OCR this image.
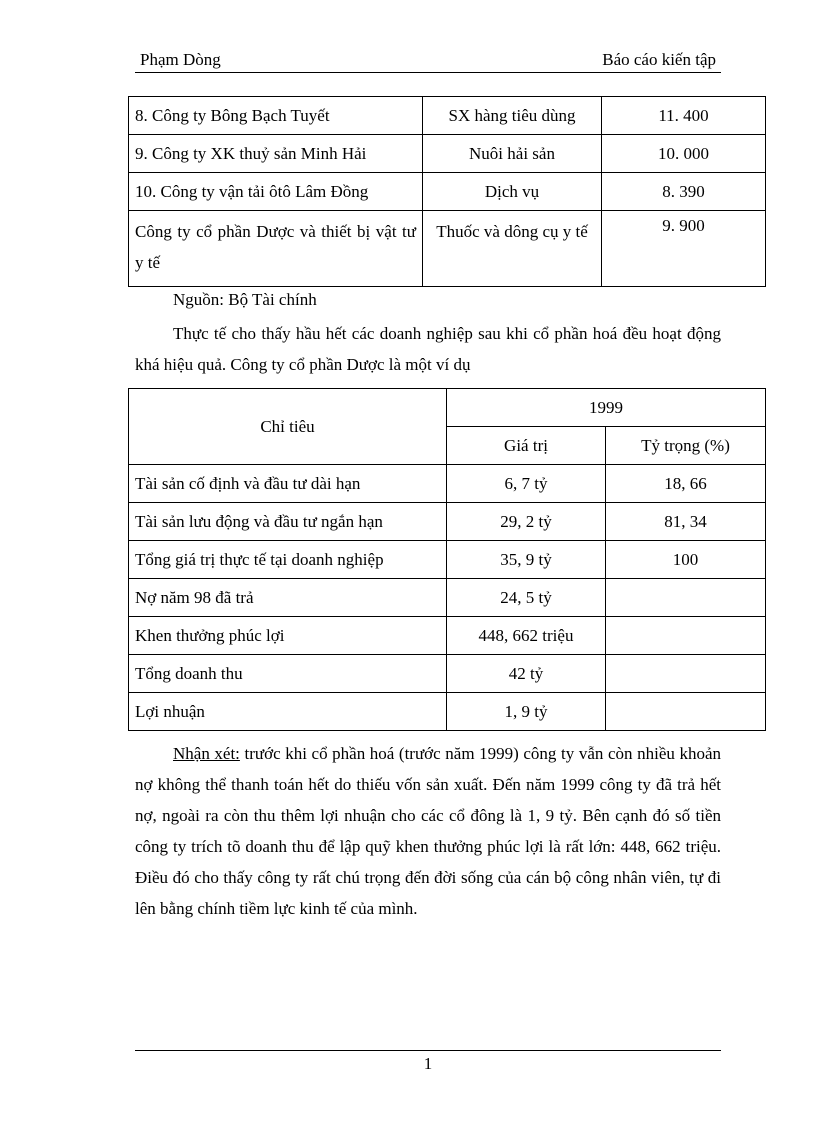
Phạm Dòng	Báo cáo kiến tập
8. Công ty Bông Bạch Tuyết	SX hàng tiêu dùng	11. 400
9. Công ty XK thuỷ sản Minh Hải	Nuôi hải sản	10. 000
10. Công ty vận tải ôtô Lâm Đồng	Dịch vụ	8. 390
Công ty cổ phần Dược và thiết bị vật tư y tế	Thuốc và dông cụ y tế	9. 900
Nguồn: Bộ Tài chính
Thực tế cho thấy hầu hết các doanh nghiệp sau khi cổ phần hoá đều hoạt động khá hiệu quả. Công ty cổ phần Dược là một ví dụ
Chỉ tiêu	1999	
	Giá trị	Tỷ trọng (%)
Tài sản cố định và đầu tư dài hạn	6, 7 tỷ	18, 66
Tài sản lưu động và đầu tư ngắn hạn	29, 2 tỷ	81, 34
Tổng giá trị thực tế tại doanh nghiệp	35, 9 tỷ	100
Nợ năm 98 đã trả	24, 5 tỷ	
Khen thưởng phúc lợi	448, 662 triệu	
Tổng doanh thu	42 tỷ	
Lợi nhuận	1, 9 tỷ	
Nhận xét: trước khi cổ phần hoá (trước năm 1999) công ty vẫn còn nhiều khoản nợ không thể thanh toán hết do thiếu vốn sản xuất. Đến năm 1999 công ty đã trả hết nợ, ngoài ra còn thu thêm lợi nhuận cho các cổ đông là 1, 9 tỷ. Bên cạnh đó số tiền công ty trích tõ doanh thu để lập quỹ khen thưởng phúc lợi là rất lớn: 448, 662 triệu. Điều đó cho thấy công ty rất chú trọng đến đời sống của cán bộ công nhân viên, tự đi lên bằng chính tiềm lực kinh tế của mình.
1
